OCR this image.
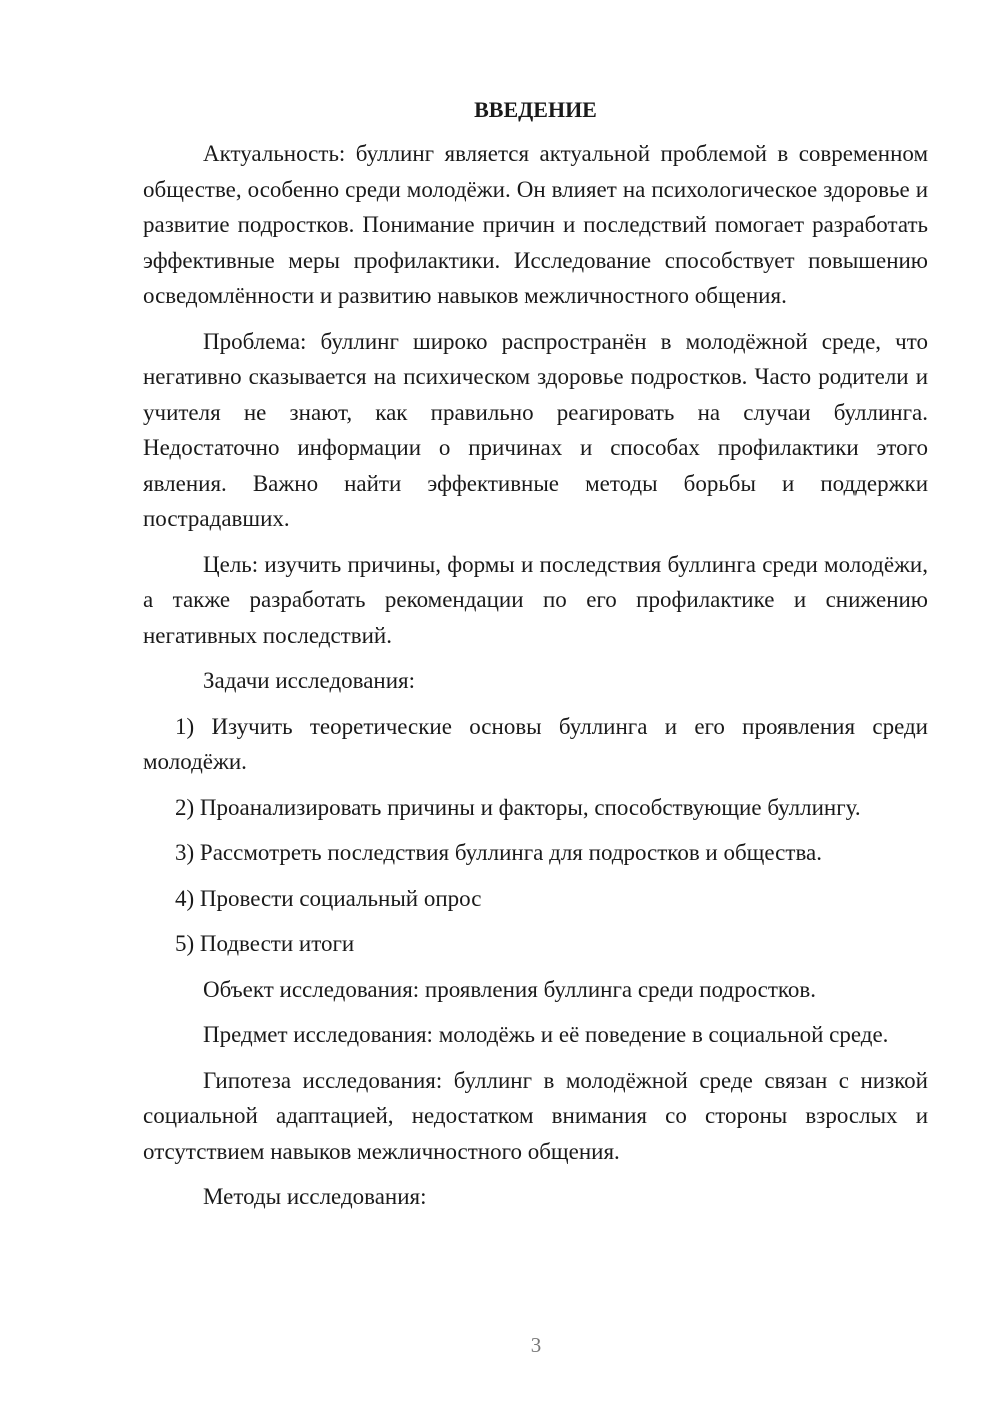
ВВЕДЕНИЕ

Актуальность: буллинг является актуальной проблемой в современном обществе, особенно среди молодёжи. Он влияет на психологическое здоровье и развитие подростков. Понимание причин и последствий помогает разработать эффективные меры профилактики. Исследование способствует повышению осведомлённости и развитию навыков межличностного общения.

Проблема: буллинг широко распространён в молодёжной среде, что негативно сказывается на психическом здоровье подростков. Часто родители и учителя не знают, как правильно реагировать на случаи буллинга. Недостаточно информации о причинах и способах профилактики этого явления. Важно найти эффективные методы борьбы и поддержки пострадавших.

Цель: изучить причины, формы и последствия буллинга среди молодёжи, а также разработать рекомендации по его профилактике и снижению негативных последствий.

Задачи исследования:

1) Изучить теоретические основы буллинга и его проявления среди молодёжи.

2) Проанализировать причины и факторы, способствующие буллингу.

3) Рассмотреть последствия буллинга для подростков и общества.

4) Провести социальный опрос

5) Подвести итоги

Объект исследования: проявления буллинга среди подростков.

Предмет исследования: молодёжь и её поведение в социальной среде.

Гипотеза исследования: буллинг в молодёжной среде связан с низкой социальной адаптацией, недостатком внимания со стороны взрослых и отсутствием навыков межличностного общения.

Методы исследования:

3
